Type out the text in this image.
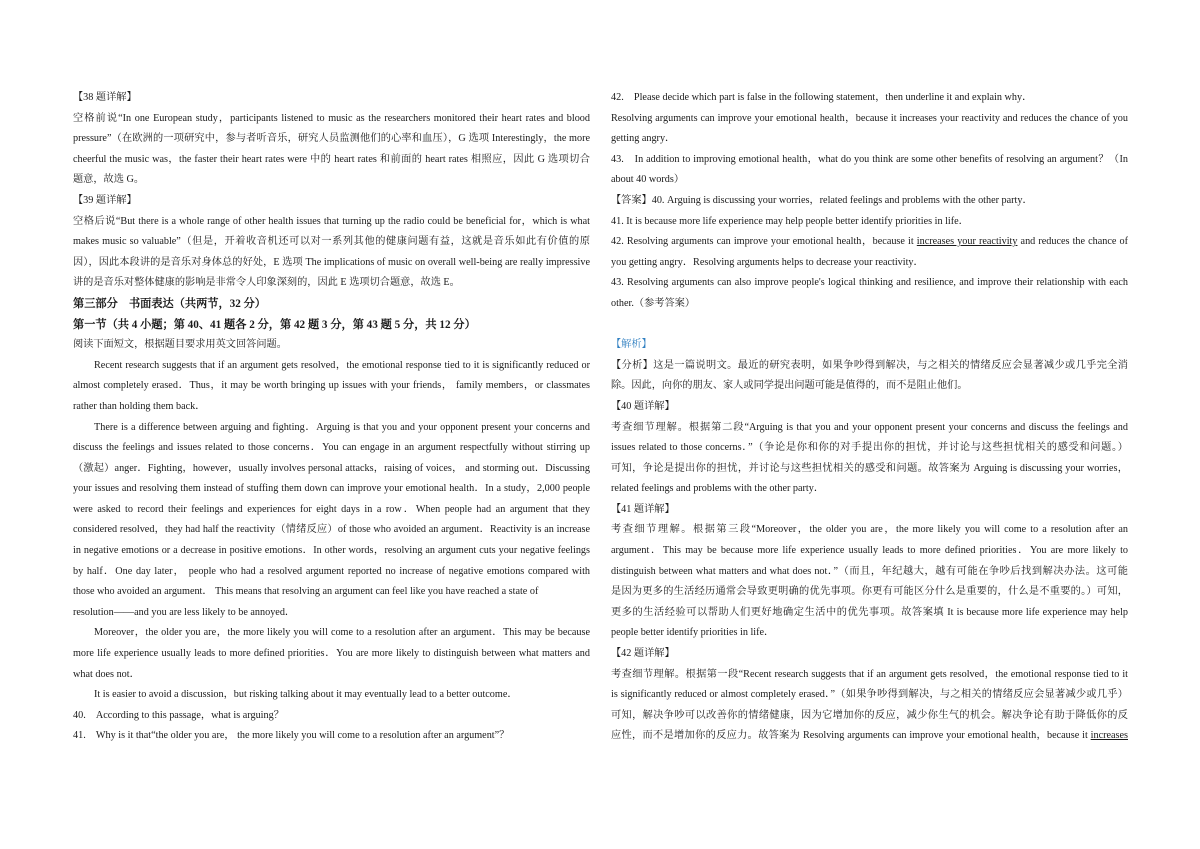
【38 题详解】
空格前说“In one European study，participants listened to music as the researchers monitored their heart rates and blood
pressure”（在欧洲的一项研究中，参与者听音乐，研究人员监测他们的心率和血压），G 选项 Interestingly，the more
cheerful the music was，the faster their heart rates were 中的 heart rates 和前面的 heart rates 相照应，因此 G 选项切合
题意，故选 G。
【39 题详解】
空格后说“But there is a whole range of other health issues that turning up the radio could be beneficial for，which is what
makes music so valuable”（但是，开着收音机还可以对一系列其他的健康问题有益，这就是音乐如此有价值的原
因），因此本段讲的是音乐对身体总的好处，E 选项 The implications of music on overall well-being are really impressive
讲的是音乐对整体健康的影响是非常令人印象深刻的，因此 E 选项切合题意，故选 E。
第三部分　书面表达（共两节，32 分）
第一节（共 4 小题；第 40、41 题各 2 分，第 42 题 3 分，第 43 题 5 分，共 12 分）
阅读下面短文，根据题目要求用英文回答问题。
Recent research suggests that if an argument gets resolved，the emotional response tied to it is significantly reduced or
almost completely erased．Thus，it may be worth bringing up issues with your friends， family members，or classmates
rather than holding them back．
There is a difference between arguing and fighting．Arguing is that you and your opponent present your concerns and
discuss the feelings and issues related to those concerns．You can engage in an argument respectfully without stirring up
（激起）anger．Fighting，however，usually involves personal attacks，raising of voices， and storming out．Discussing
your issues and resolving them instead of stuffing them down can improve your emotional health．In a study，2,000 people
were asked to record their feelings and experiences for eight days in a row．When people had an argument that they
considered resolved，they had half the reactivity（情绪反应）of those who avoided an argument．Reactivity is an increase
in negative emotions or a decrease in positive emotions．In other words，resolving an argument cuts your negative feelings
by half．One day later， people who had a resolved argument reported no increase of negative emotions compared with
those who avoided an argument． This means that resolving an argument can feel like you have reached a state of
resolution——and you are less likely to be annoyed．
Moreover，the older you are，the more likely you will come to a resolution after an argument．This may be because
more life experience usually leads to more defined priorities．You are more likely to distinguish between what matters and
what does not．
It is easier to avoid a discussion，but risking talking about it may eventually lead to a better outcome．
40.　According to this passage，what is arguing？
41.　Why is it that“the older you are， the more likely you will come to a resolution after an argument”？
42.　Please decide which part is false in the following statement，then underline it and explain why．
Resolving arguments can improve your emotional health，because it increases your reactivity and reduces the chance of you
getting angry．
43.　In addition to improving emotional health，what do you think are some other benefits of resolving an argument？（In
about 40 words）
【答案】40. Arguing is discussing your worries，related feelings and problems with the other party．
41. It is because more life experience may help people better identify priorities in life．
42. Resolving arguments can improve your emotional health，because it increases your reactivity and reduces the chance of
you getting angry．Resolving arguments helps to decrease your reactivity．
43. Resolving arguments can also improve people's logical thinking and resilience, and improve their relationship with each
other.（参考答案）
【解析】
【分析】这是一篇说明文。最近的研究表明，如果争吵得到解决，与之相关的情绪反应会显著减少或几乎完全消
除。因此，向你的朋友、家人或同学提出问题可能是值得的，而不是阻止他们。
【40 题详解】
考查细节理解。根据第二段“Arguing is that you and your opponent present your concerns and discuss the feelings and
issues related to those concerns．”（争论是你和你的对手提出你的担忧，并讨论与这些担忧相关的感受和问题。）
可知，争论是提出你的担忧，并讨论与这些担忧相关的感受和问题。故答案为 Arguing is discussing your worries，
related feelings and problems with the other party．
【41 题详解】
考查细节理解。根据第三段“Moreover，the older you are，the more likely you will come to a resolution after an
argument．This may be because more life experience usually leads to more defined priorities．You are more likely to
distinguish between what matters and what does not．”（而且，年纪越大，越有可能在争吵后找到解决办法。这可能
是因为更多的生活经历通常会导致更明确的优先事项。你更有可能区分什么是重要的，什么是不重要的。）可知，
更多的生活经验可以帮助人们更好地确定生活中的优先事项。故答案填 It is because more life experience may help
people better identify priorities in life．
【42 题详解】
考查细节理解。根据第一段“Recent research suggests that if an argument gets resolved，the emotional response tied to it
is significantly reduced or almost completely erased．”（如果争吵得到解决，与之相关的情绪反应会显著减少或几乎）
可知，解决争吵可以改善你的情绪健康，因为它增加你的反应，减少你生气的机会。解决争论有助于降低你的反
应性，而不是增加你的反应力。故答案为 Resolving arguments can improve your emotional health，because it increases
